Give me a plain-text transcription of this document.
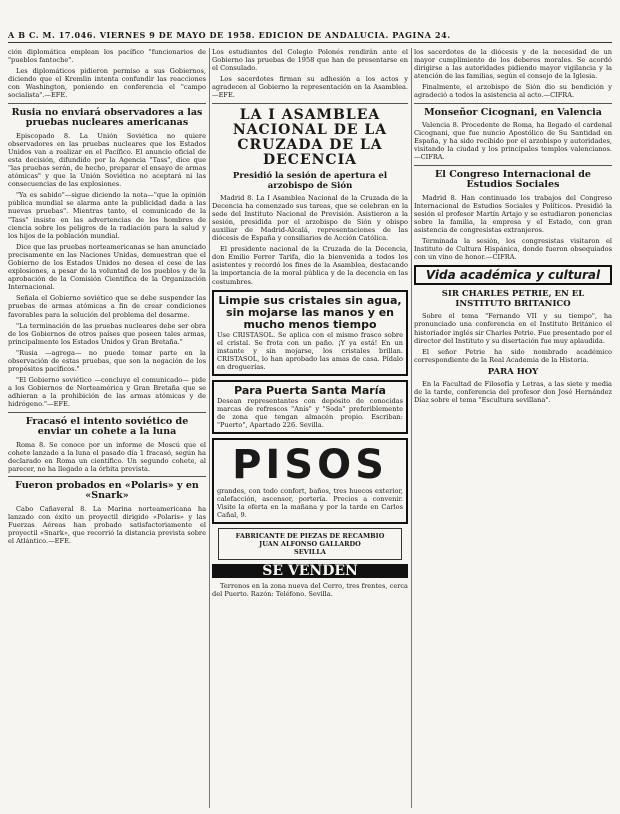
A B C. M. 17.046. VIERNES 9 DE MAYO DE 1958. EDICION DE ANDALUCIA. PAGINA 24.

ción diplomática emplean los pacífico "funcionarios de "pueblos fantoche".

Les diplomáticos pidieron permiso a sus Gobiernos, diciendo que el Kremlin intenta confundir las reacciones con Washington, poniendo en conferencia el "campo socialista".—EFE.

Rusia no enviará observadores a las pruebas nucleares americanas

Episcopado 8. La Unión Soviética no quiere observadores en las pruebas nucleares que los Estados Unidos van a realizar en el Pacífico. El anuncio oficial de esta decisión, difundido por la Agencia "Tass", dice que "las pruebas serán, de hecho, preparar el ensayo de armas atómicas" y que la Unión Soviética no aceptará ni las consecuencias de las explosiones.

"Ya es sabido"—sigue diciendo la nota—"que la opinión pública mundial se alarma ante la publicidad dada a las nuevas pruebas". Mientras tanto, el comunicado de la "Tass" insiste en las advertencias de los hombres de ciencia sobre los peligros de la radiación para la salud y los hijos de la población mundial.

Dice que las pruebas norteamericanas se han anunciado precisamente en las Naciones Unidas, demuestran que el Gobierno de los Estados Unidos no desea el cese de las explosiones, a pesar de la voluntad de los pueblos y de la aprobación de la Comisión Científica de la Organización Internacional.

Señala el Gobierno soviético que se debe suspender las pruebas de armas atómicas a fin de crear condiciones favorables para la solución del problema del desarme.

"La terminación de las pruebas nucleares debe ser obra de los Gobiernos de otros países que poseen tales armas, principalmente los Estados Unidos y Gran Bretaña."

"Rusia —agrega— no puede tomar parte en la observación de estas pruebas, que son la negación de los propósitos pacíficos."

"El Gobierno soviético —concluye el comunicado— pide a los Gobiernos de Norteamérica y Gran Bretaña que se adhieran a la prohibición de las armas atómicas y de hidrógeno."—EFE.

Fracasó el intento soviético de enviar un cohete a la luna

Roma 8. Se conoce por un informe de Moscú que el cohete lanzado a la luna el pasado día 1 fracasó, según ha declarado en Roma un científico. Un segundo cohete, al parecer, no ha llegado a la órbita prevista.

Fueron probados en «Polaris» y en «Snark»

Cabo Cañaveral 8. La Marina norteamericana ha lanzado con éxito un proyectil dirigido «Polaris» y las Fuerzas Aéreas han probado satisfactoriamente el proyectil «Snark», que recorrió la distancia prevista sobre el Atlántico.—EFE.

Los estudiantes del Colegio Polonés rendirán ante el Gobierno las pruebas de 1958 que han de presentarse en el Consulado.

Los sacerdotes firman su adhesión a los actos y agradecen al Gobierno la representación en la Asamblea.—EFE.

LA I ASAMBLEA NACIONAL DE LA CRUZADA DE LA DECENCIA
Presidió la sesión de apertura el arzobispo de Sión

Madrid 8. La I Asamblea Nacional de la Cruzada de la Decencia ha comenzado sus tareas, que se celebran en la sede del Instituto Nacional de Previsión. Asistieron a la sesión, presidida por el arzobispo de Sión y obispo auxiliar de Madrid-Alcalá, representaciones de las diócesis de España y consiliarios de Acción Católica.

El presidente nacional de la Cruzada de la Decencia, don Emilio Ferrer Tarifa, dio la bienvenida a todos los asistentes y recordó los fines de la Asamblea, destacando la importancia de la moral pública y de la decencia en las costumbres.

Limpie sus cristales sin agua, sin mojarse las manos y en mucho menos tiempo
Use CRISTASOL. Se aplica con el mismo frasco sobre el cristal. Se frota con un paño. ¡Y ya está! En un instante y sin mojarse, los cristales brillan. CRISTASOL, lo han aprobado las amas de casa. Pídalo en droguerías.
Para Puerta Santa María
Desean representantes con depósito de conocidas marcas de refrescos "Anís" y "Soda" preferiblemente de zona que tengan almacén propio. Escriban: "Puerto", Apartado 226. Sevilla.
PISOS
grandes, con todo confort, baños, tres huecos exterior, calefacción, ascensor, portería. Precios a convenir. Visite la oferta en la mañana y por la tarde en Carlos Cañal, 9.
FABRICANTE DE PIEZAS DE RECAMBIO
JUAN ALFONSO GALLARDO
SEVILLA
SE VENDEN

Terrenos en la zona nueva del Cerro, tres frentes, cerca del Puerto. Razón: Teléfono. Sevilla.

los sacerdotes de la diócesis y de la necesidad de un mayor cumplimiento de los deberes morales. Se acordó dirigirse a las autoridades pidiendo mayor vigilancia y la atención de las familias, según el consejo de la Iglesia.

Finalmente, el arzobispo de Sión dio su bendición y agradeció a todos la asistencia al acto.—CIFRA.

Monseñor Cicognani, en Valencia

Valencia 8. Procedente de Roma, ha llegado el cardenal Cicognani, que fue nuncio Apostólico de Su Santidad en España, y ha sido recibido por el arzobispo y autoridades, visitando la ciudad y los principales templos valencianos.—CIFRA.

El Congreso Internacional de Estudios Sociales

Madrid 8. Han continuado los trabajos del Congreso Internacional de Estudios Sociales y Políticos. Presidió la sesión el profesor Martín Artajo y se estudiaron ponencias sobre la familia, la empresa y el Estado, con gran asistencia de congresistas extranjeros.

Terminada la sesión, los congresistas visitaron el Instituto de Cultura Hispánica, donde fueron obsequiados con un vino de honor.—CIFRA.

Vida académica y cultural
SIR CHARLES PETRIE, EN EL INSTITUTO BRITANICO

Sobre el tema "Fernando VII y su tiempo", ha pronunciado una conferencia en el Instituto Británico el historiador inglés sir Charles Petrie. Fue presentado por el director del Instituto y su disertación fue muy aplaudida.

El señor Petrie ha sido nombrado académico correspondiente de la Real Academia de la Historia.

PARA HOY

En la Facultad de Filosofía y Letras, a las siete y media de la tarde, conferencia del profesor don José Hernández Díaz sobre el tema "Escultura sevillana".
